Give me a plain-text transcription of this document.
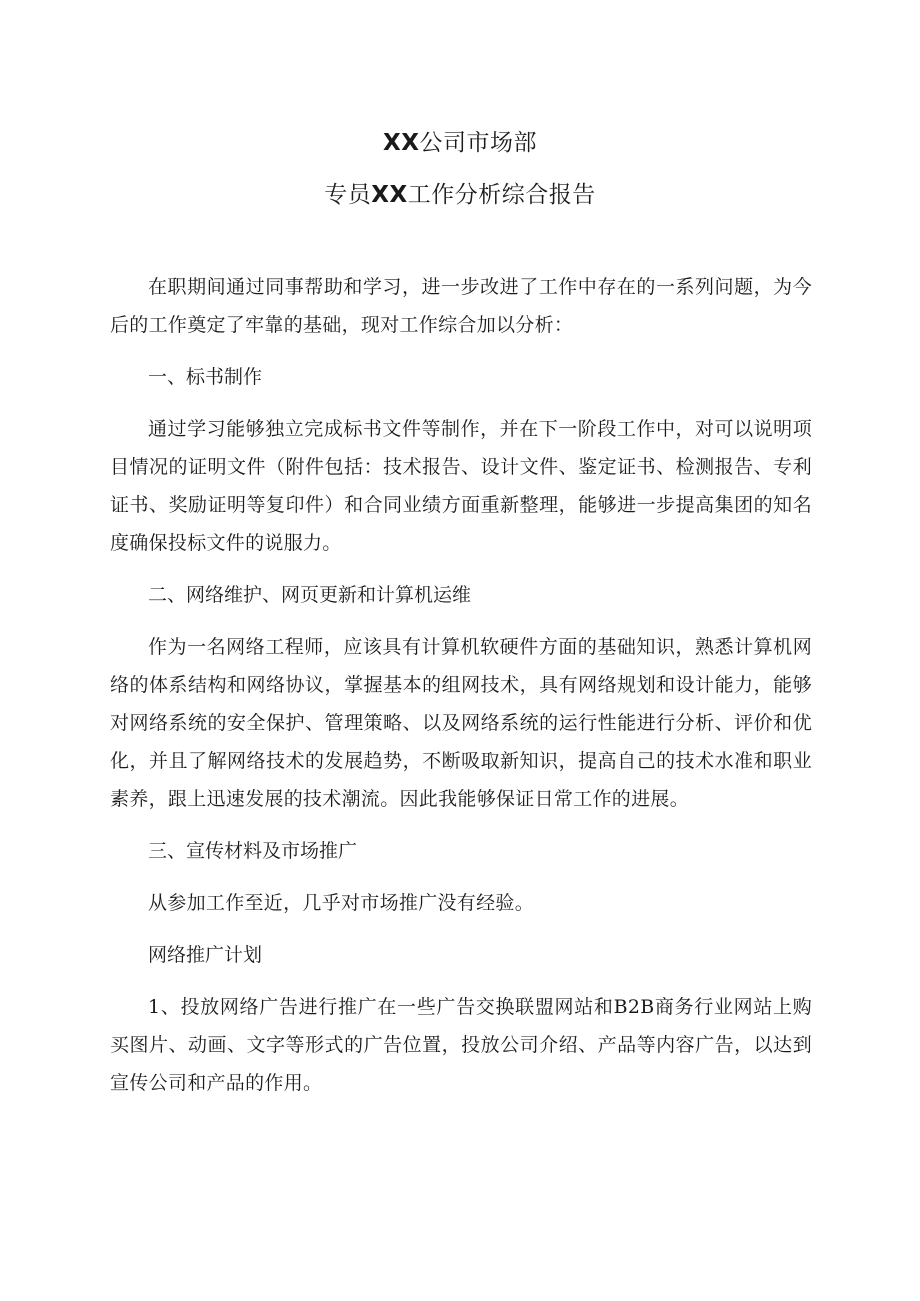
XX公司市场部
专员XX工作分析综合报告

在职期间通过同事帮助和学习，进一步改进了工作中存在的一系列问题，为今后的工作奠定了牢靠的基础，现对工作综合加以分析：

一、标书制作

通过学习能够独立完成标书文件等制作，并在下一阶段工作中，对可以说明项目情况的证明文件（附件包括：技术报告、设计文件、鉴定证书、检测报告、专利证书、奖励证明等复印件）和合同业绩方面重新整理，能够进一步提高集团的知名度确保投标文件的说服力。

二、网络维护、网页更新和计算机运维

作为一名网络工程师，应该具有计算机软硬件方面的基础知识，熟悉计算机网络的体系结构和网络协议，掌握基本的组网技术，具有网络规划和设计能力，能够对网络系统的安全保护、管理策略、以及网络系统的运行性能进行分析、评价和优化，并且了解网络技术的发展趋势，不断吸取新知识，提高自己的技术水准和职业素养，跟上迅速发展的技术潮流。因此我能够保证日常工作的进展。

三、宣传材料及市场推广

从参加工作至近，几乎对市场推广没有经验。

网络推广计划

1、投放网络广告进行推广在一些广告交换联盟网站和B2B商务行业网站上购买图片、动画、文字等形式的广告位置，投放公司介绍、产品等内容广告，以达到宣传公司和产品的作用。
